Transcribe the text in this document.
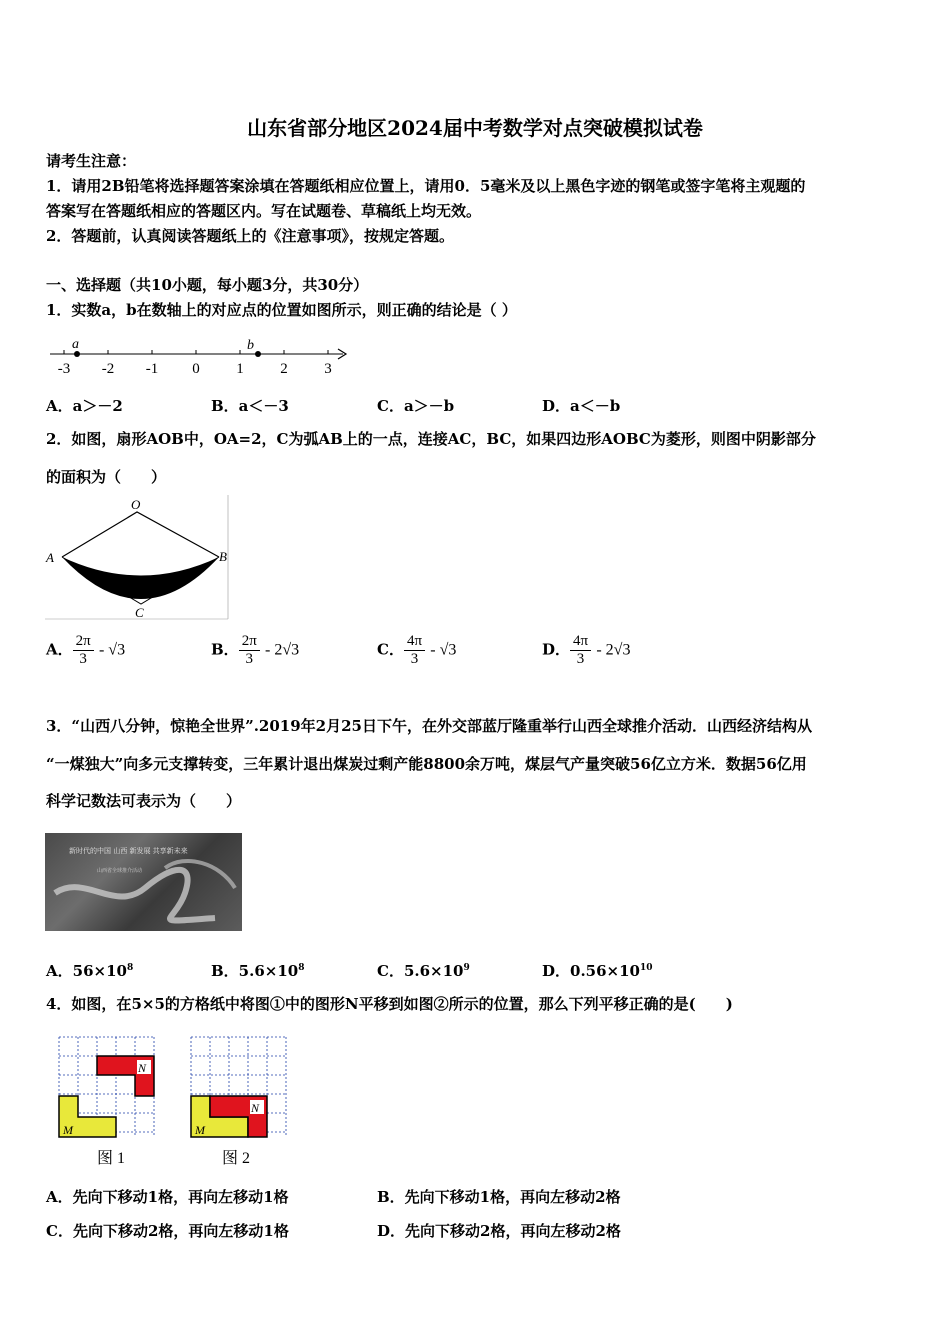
山东省部分地区2024届中考数学对点突破模拟试卷
请考生注意：
1．请用2B铅笔将选择题答案涂填在答题纸相应位置上，请用0．5毫米及以上黑色字迹的钢笔或签字笔将主观题的
答案写在答题纸相应的答题区内。写在试题卷、草稿纸上均无效。
2．答题前，认真阅读答题纸上的《注意事项》，按规定答题。
一、选择题（共10小题，每小题3分，共30分）
1．实数a，b在数轴上的对应点的位置如图所示，则正确的结论是（ ）
-3 -2 -1 0 1 2 3
a	b
A．a＞－2	B．a＜－3	C．a＞－b	D．a＜－b
2．如图，扇形AOB中，OA=2，C为弧AB上的一点，连接AC，BC，如果四边形AOBC为菱形，则图中阴影部分
的面积为（　　）
O
A	B
C
A． $\frac{2\pi}{3} - √3$	B． $\frac{2\pi}{3} - 2√3$	C． $\frac{4\pi}{3} - √3$	D． $\frac{4\pi}{3} - 2√3$
3．“山西八分钟，惊艳全世界”.2019年2月25日下午，在外交部蓝厅隆重举行山西全球推介活动．山西经济结构从
“一煤独大”向多元支撑转变，三年累计退出煤炭过剩产能8800余万吨，煤层气产量突破56亿立方米．数据56亿用
科学记数法可表示为（　　）
新时代的中国 山西 新发展 共享新未来
山西省全球推介活动
A．$56\times 10^8$	B．$5.6\times 10^8$	C．$5.6\times 10^9$	D．$0.56\times 10^{10}$
4．如图，在5×5的方格纸中将图①中的图形N平移到如图②所示的位置，那么下列平移正确的是(　　)
N
M
图 1
N
M
图 2
A．先向下移动1格，再向左移动1格	B．先向下移动1格，再向左移动2格
C．先向下移动2格，再向左移动1格	D．先向下移动2格，再向左移动2格
